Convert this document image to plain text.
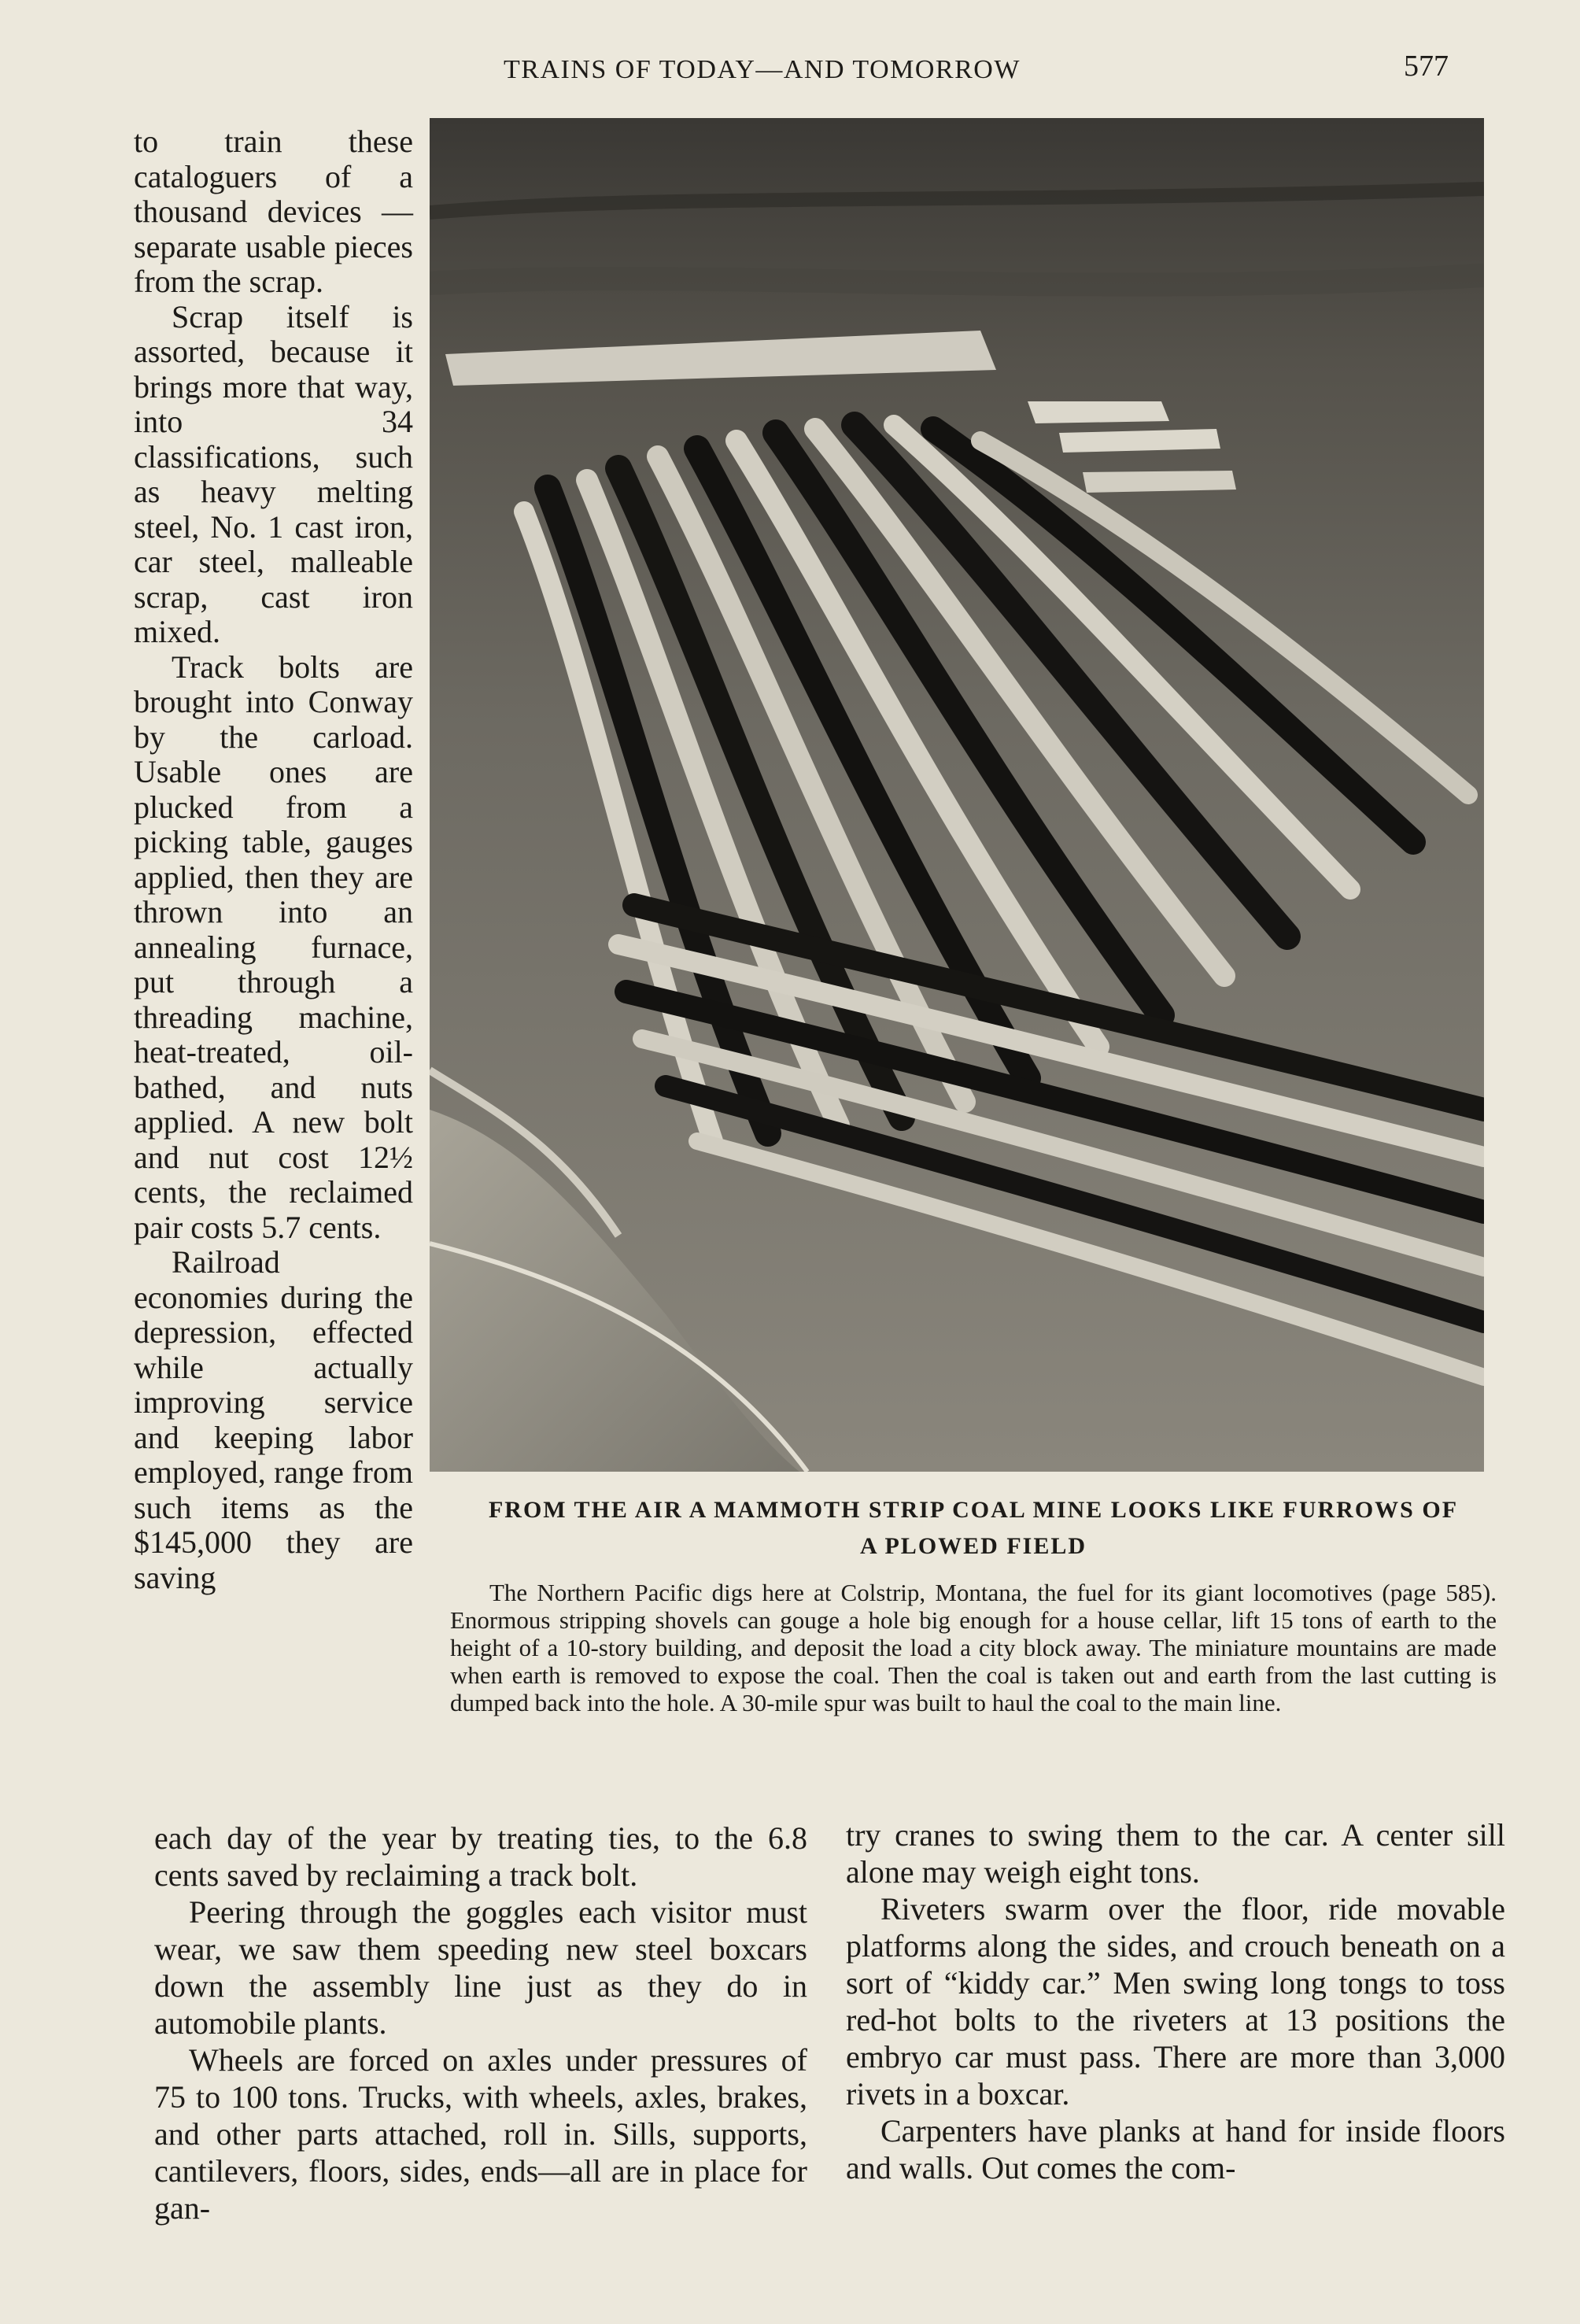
TRAINS OF TODAY—AND TOMORROW	577

to train these cataloguers of a thousand devices —separate usable pieces from the scrap.

Scrap itself is assorted, because it brings more that way, into 34 classifications, such as heavy melting steel, No. 1 cast iron, car steel, malleable scrap, cast iron mixed.

Track bolts are brought into Conway by the carload. Usable ones are plucked from a picking table, gauges applied, then they are thrown into an annealing furnace, put through a threading machine, heat-treated, oil-bathed, and nuts applied. A new bolt and nut cost 12½ cents, the reclaimed pair costs 5.7 cents.

Railroad economies during the depression, effected while actually improving service and keeping labor employed, range from such items as the $145,000 they are saving

FROM THE AIR A MAMMOTH STRIP COAL MINE LOOKS LIKE FURROWS OF A PLOWED FIELD

The Northern Pacific digs here at Colstrip, Montana, the fuel for its giant locomotives (page 585). Enormous stripping shovels can gouge a hole big enough for a house cellar, lift 15 tons of earth to the height of a 10-story building, and deposit the load a city block away. The miniature mountains are made when earth is removed to expose the coal. Then the coal is taken out and earth from the last cutting is dumped back into the hole. A 30-mile spur was built to haul the coal to the main line.

each day of the year by treating ties, to the 6.8 cents saved by reclaiming a track bolt.

Peering through the goggles each visitor must wear, we saw them speeding new steel boxcars down the assembly line just as they do in automobile plants.

Wheels are forced on axles under pressures of 75 to 100 tons. Trucks, with wheels, axles, brakes, and other parts attached, roll in. Sills, supports, cantilevers, floors, sides, ends—all are in place for gan-

try cranes to swing them to the car. A center sill alone may weigh eight tons.

Riveters swarm over the floor, ride movable platforms along the sides, and crouch beneath on a sort of “kiddy car.” Men swing long tongs to toss red-hot bolts to the riveters at 13 positions the embryo car must pass. There are more than 3,000 rivets in a boxcar.

Carpenters have planks at hand for inside floors and walls. Out comes the com-
